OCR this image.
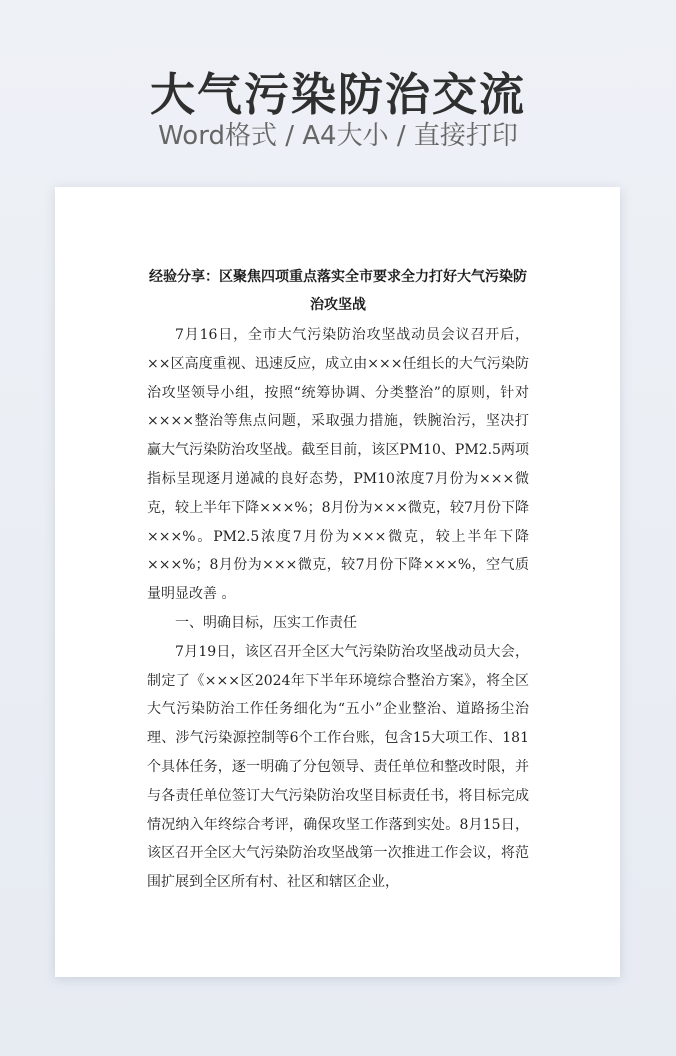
大气污染防治交流
Word格式 / A4大小 / 直接打印

经验分享：区聚焦四项重点落实全市要求全力打好大气污染防治攻坚战

7月16日，全市大气污染防治攻坚战动员会议召开后，××区高度重视、迅速反应，成立由×××任组长的大气污染防治攻坚领导小组，按照“统筹协调、分类整治”的原则，针对××××整治等焦点问题，采取强力措施，铁腕治污，坚决打赢大气污染防治攻坚战。截至目前，该区PM10、PM2.5两项指标呈现逐月递减的良好态势，PM10浓度7月份为×××微克，较上半年下降×××%；8月份为×××微克，较7月份下降×××%。PM2.5浓度7月份为×××微克，较上半年下降×××%；8月份为×××微克，较7月份下降×××%，空气质量明显改善 。

一、明确目标，压实工作责任

7月19日，该区召开全区大气污染防治攻坚战动员大会，制定了《×××区2024年下半年环境综合整治方案》，将全区大气污染防治工作任务细化为“五小”企业整治、道路扬尘治理、涉气污染源控制等6个工作台账，包含15大项工作、181个具体任务，逐一明确了分包领导、责任单位和整改时限，并与各责任单位签订大气污染防治攻坚目标责任书，将目标完成情况纳入年终综合考评，确保攻坚工作落到实处。8月15日，该区召开全区大气污染防治攻坚战第一次推进工作会议，将范围扩展到全区所有村、社区和辖区企业，
